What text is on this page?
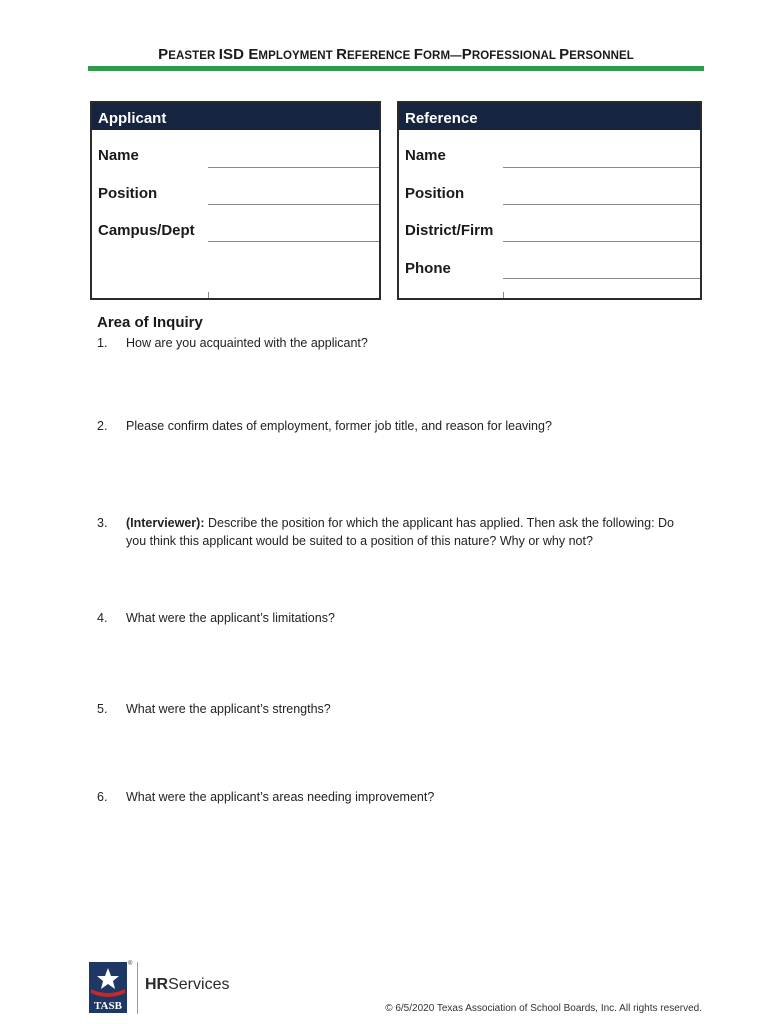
PEASTER ISD EMPLOYMENT REFERENCE FORM—PROFESSIONAL PERSONNEL
Applicant
Name
Position
Campus/Dept
Reference
Name
Position
District/Firm
Phone
Area of Inquiry
1. How are you acquainted with the applicant?
2. Please confirm dates of employment, former job title, and reason for leaving?
3. (Interviewer): Describe the position for which the applicant has applied. Then ask the following: Do you think this applicant would be suited to a position of this nature? Why or why not?
4. What were the applicant’s limitations?
5. What were the applicant’s strengths?
6. What were the applicant’s areas needing improvement?
TASB
®
HRServices
© 6/5/2020 Texas Association of School Boards, Inc. All rights reserved.
